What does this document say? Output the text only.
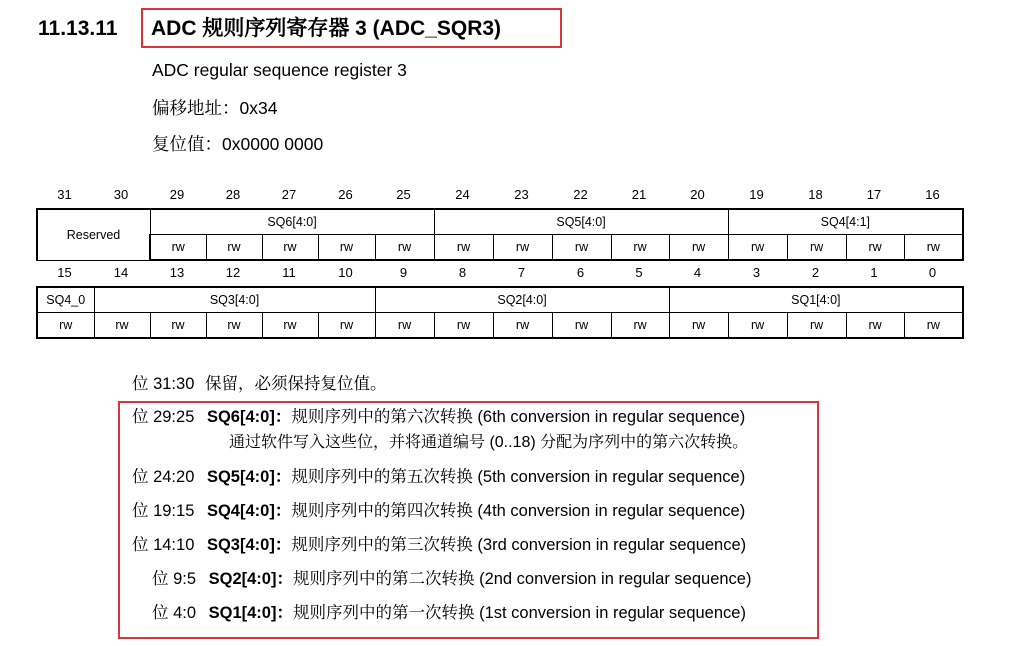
11.13.11 ADC 规则序列寄存器 3 (ADC_SQR3)
ADC regular sequence register 3
偏移地址：0x34
复位值：0x0000 0000
31	30	29	28	27	26	25	24	23	22	21	20	19	18	17	16
Reserved	SQ6[4:0]					SQ5[4:0]					SQ4[4:1]			
	rw	rw	rw	rw	rw	rw	rw	rw	rw	rw	rw	rw	rw	rw
15	14	13	12	11	10	9	8	7	6	5	4	3	2	1	0
SQ4_0	SQ3[4:0]					SQ2[4:0]					SQ1[4:0]				
rw	rw	rw	rw	rw	rw	rw	rw	rw	rw	rw	rw	rw	rw	rw	rw
位 31:30 保留，必须保持复位值。
位 29:25 SQ6[4:0]：规则序列中的第六次转换 (6th conversion in regular sequence)
通过软件写入这些位，并将通道编号 (0..18) 分配为序列中的第六次转换。
位 24:20 SQ5[4:0]：规则序列中的第五次转换 (5th conversion in regular sequence)
位 19:15 SQ4[4:0]：规则序列中的第四次转换 (4th conversion in regular sequence)
位 14:10 SQ3[4:0]：规则序列中的第三次转换 (3rd conversion in regular sequence)
位 9:5 SQ2[4:0]：规则序列中的第二次转换 (2nd conversion in regular sequence)
位 4:0 SQ1[4:0]：规则序列中的第一次转换 (1st conversion in regular sequence)
